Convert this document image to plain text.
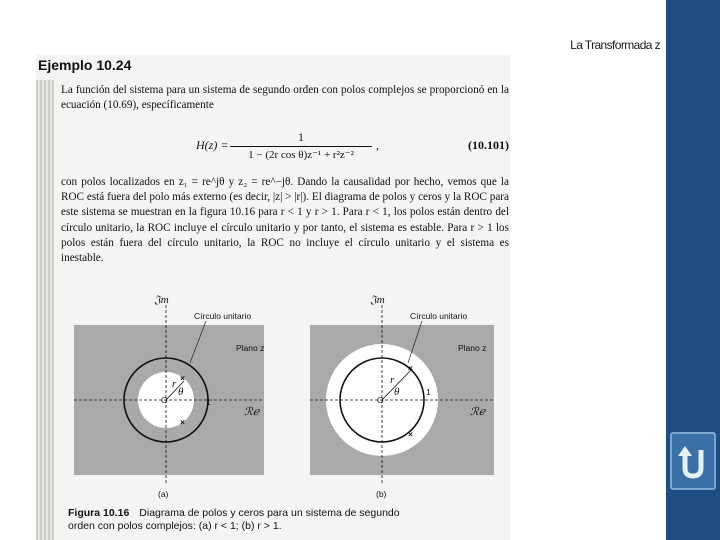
La Transformada z
Ejemplo 10.24
La función del sistema para un sistema de segundo orden con polos complejos se proporcionó en la ecuación (10.69), específicamente
$H(z) = \frac{1}{\text{1 − (2r cos θ)z⁻¹ + r²z⁻²}}$ ,	(10.101)
con polos localizados en z₁ = re^jθ y z₂ = re^−jθ. Dando la causalidad por hecho, vemos que la ROC está fuera del polo más externo (es decir, |z| > |r|). El diagrama de polos y ceros y la ROC para este sistema se muestran en la figura 10.16 para r < 1 y r > 1. Para r < 1, los polos están dentro del círculo unitario, la ROC incluye el círculo unitario y por tanto, el sistema es estable. Para r > 1 los polos están fuera del círculo unitario, la ROC no incluye el círculo unitario y el sistema es inestable.
×
×
O
r
θ
1
𝔍m
Círculo unitario
Plano z
ℛℯ
(a)
×
×
O
r
θ	1
𝔍m
Círculo unitario
Plano z
ℛℯ
(b)
Figura 10.16 Diagrama de polos y ceros para un sistema de segundo
orden con polos complejos: (a) r < 1; (b) r > 1.
